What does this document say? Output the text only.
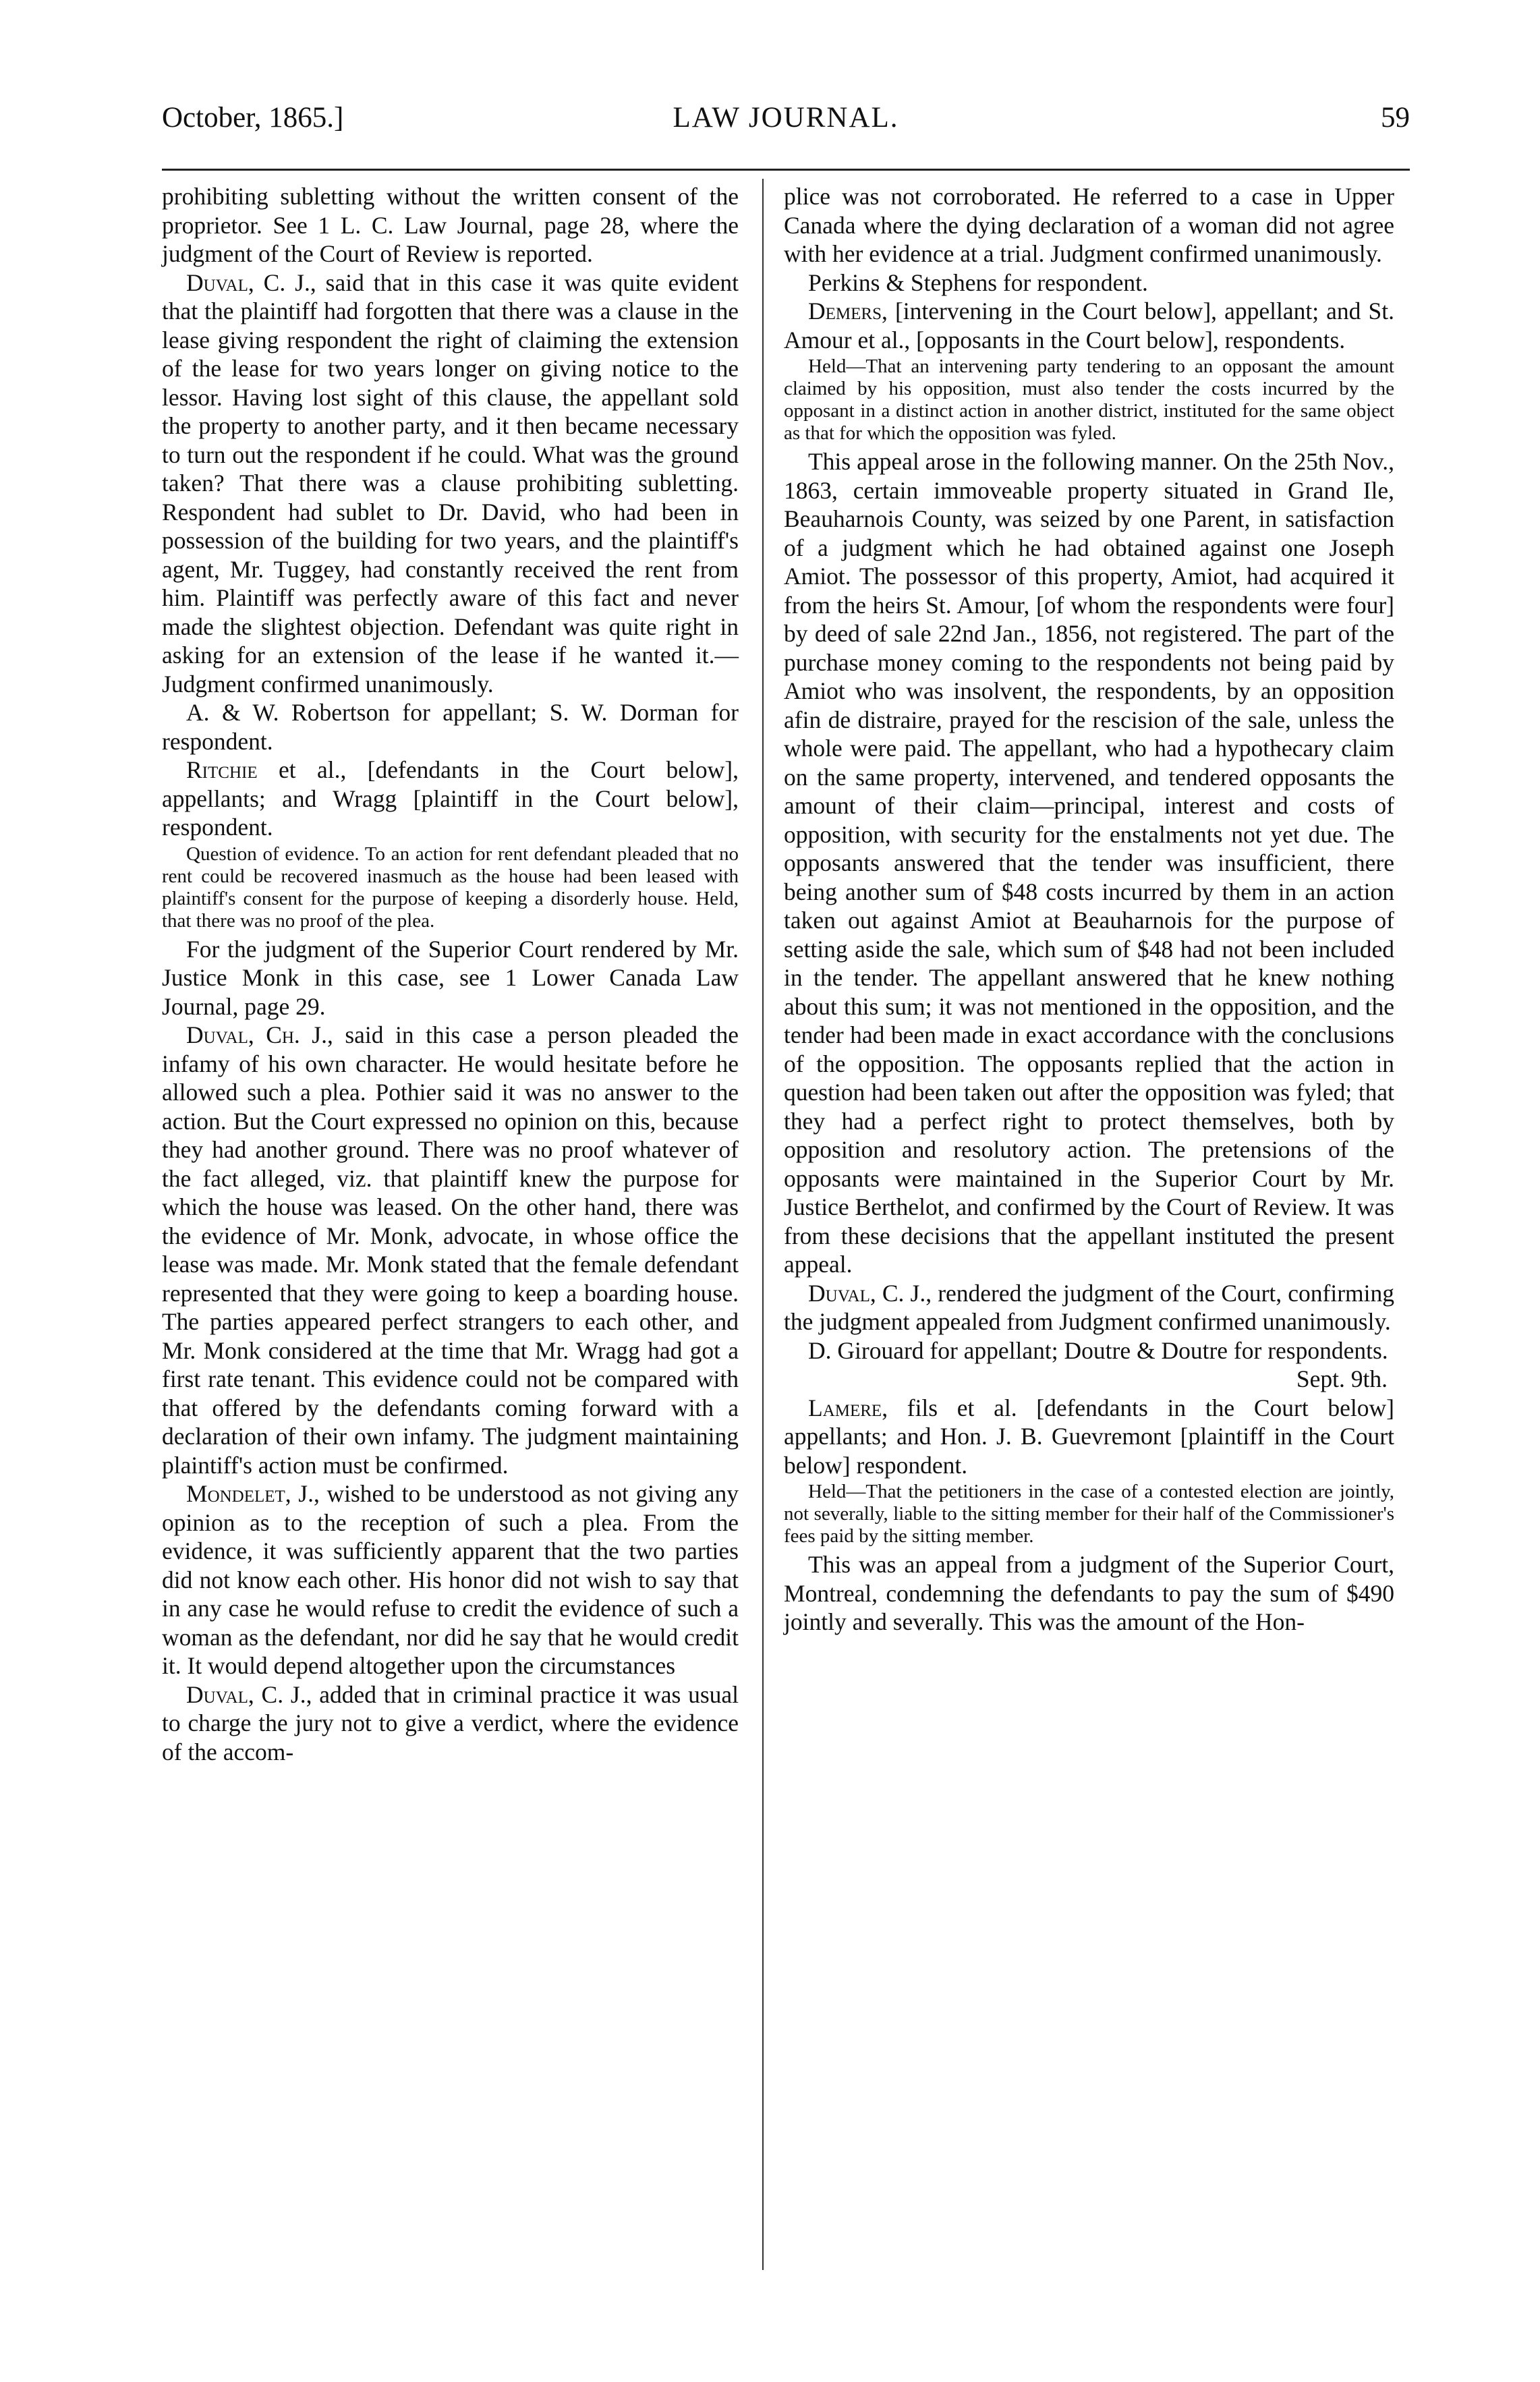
October, 1865.]	LAW JOURNAL.	59

prohibiting subletting without the written consent of the proprietor. See 1 L. C. Law Journal, page 28, where the judgment of the Court of Review is reported.

Duval, C. J., said that in this case it was quite evident that the plaintiff had forgotten that there was a clause in the lease giving respondent the right of claiming the extension of the lease for two years longer on giving notice to the lessor. Having lost sight of this clause, the appellant sold the property to another party, and it then became necessary to turn out the respondent if he could. What was the ground taken? That there was a clause prohibiting subletting. Respondent had sublet to Dr. David, who had been in possession of the building for two years, and the plaintiff's agent, Mr. Tuggey, had constantly received the rent from him. Plaintiff was perfectly aware of this fact and never made the slightest objection. Defendant was quite right in asking for an extension of the lease if he wanted it.—Judgment confirmed unanimously.

A. & W. Robertson for appellant; S. W. Dorman for respondent.

Ritchie et al., [defendants in the Court below], appellants; and Wragg [plaintiff in the Court below], respondent.

Question of evidence. To an action for rent defendant pleaded that no rent could be recovered inasmuch as the house had been leased with plaintiff's consent for the purpose of keeping a disorderly house. Held, that there was no proof of the plea.

For the judgment of the Superior Court rendered by Mr. Justice Monk in this case, see 1 Lower Canada Law Journal, page 29.

Duval, Ch. J., said in this case a person pleaded the infamy of his own character. He would hesitate before he allowed such a plea. Pothier said it was no answer to the action. But the Court expressed no opinion on this, because they had another ground. There was no proof whatever of the fact alleged, viz. that plaintiff knew the purpose for which the house was leased. On the other hand, there was the evidence of Mr. Monk, advocate, in whose office the lease was made. Mr. Monk stated that the female defendant represented that they were going to keep a boarding house. The parties appeared perfect strangers to each other, and Mr. Monk considered at the time that Mr. Wragg had got a first rate tenant. This evidence could not be compared with that offered by the defendants coming forward with a declaration of their own infamy. The judgment maintaining plaintiff's action must be confirmed.

Mondelet, J., wished to be understood as not giving any opinion as to the reception of such a plea. From the evidence, it was sufficiently apparent that the two parties did not know each other. His honor did not wish to say that in any case he would refuse to credit the evidence of such a woman as the defendant, nor did he say that he would credit it. It would depend altogether upon the circumstances

Duval, C. J., added that in criminal practice it was usual to charge the jury not to give a verdict, where the evidence of the accom-

plice was not corroborated. He referred to a case in Upper Canada where the dying declaration of a woman did not agree with her evidence at a trial. Judgment confirmed unanimously.

Perkins & Stephens for respondent.

Demers, [intervening in the Court below], appellant; and St. Amour et al., [opposants in the Court below], respondents.

Held—That an intervening party tendering to an opposant the amount claimed by his opposition, must also tender the costs incurred by the opposant in a distinct action in another district, instituted for the same object as that for which the opposition was fyled.

This appeal arose in the following manner. On the 25th Nov., 1863, certain immoveable property situated in Grand Ile, Beauharnois County, was seized by one Parent, in satisfaction of a judgment which he had obtained against one Joseph Amiot. The possessor of this property, Amiot, had acquired it from the heirs St. Amour, [of whom the respondents were four] by deed of sale 22nd Jan., 1856, not registered. The part of the purchase money coming to the respondents not being paid by Amiot who was insolvent, the respondents, by an opposition afin de distraire, prayed for the rescision of the sale, unless the whole were paid. The appellant, who had a hypothecary claim on the same property, intervened, and tendered opposants the amount of their claim—principal, interest and costs of opposition, with security for the enstalments not yet due. The opposants answered that the tender was insufficient, there being another sum of $48 costs incurred by them in an action taken out against Amiot at Beauharnois for the purpose of setting aside the sale, which sum of $48 had not been included in the tender. The appellant answered that he knew nothing about this sum; it was not mentioned in the opposition, and the tender had been made in exact accordance with the conclusions of the opposition. The opposants replied that the action in question had been taken out after the opposition was fyled; that they had a perfect right to protect themselves, both by opposition and resolutory action. The pretensions of the opposants were maintained in the Superior Court by Mr. Justice Berthelot, and confirmed by the Court of Review. It was from these decisions that the appellant instituted the present appeal.

Duval, C. J., rendered the judgment of the Court, confirming the judgment appealed from Judgment confirmed unanimously.

D. Girouard for appellant; Doutre & Doutre for respondents.

Sept. 9th.

Lamere, fils et al. [defendants in the Court below] appellants; and Hon. J. B. Guevremont [plaintiff in the Court below] respondent.

Held—That the petitioners in the case of a contested election are jointly, not severally, liable to the sitting member for their half of the Commissioner's fees paid by the sitting member.

This was an appeal from a judgment of the Superior Court, Montreal, condemning the defendants to pay the sum of $490 jointly and severally. This was the amount of the Hon-
